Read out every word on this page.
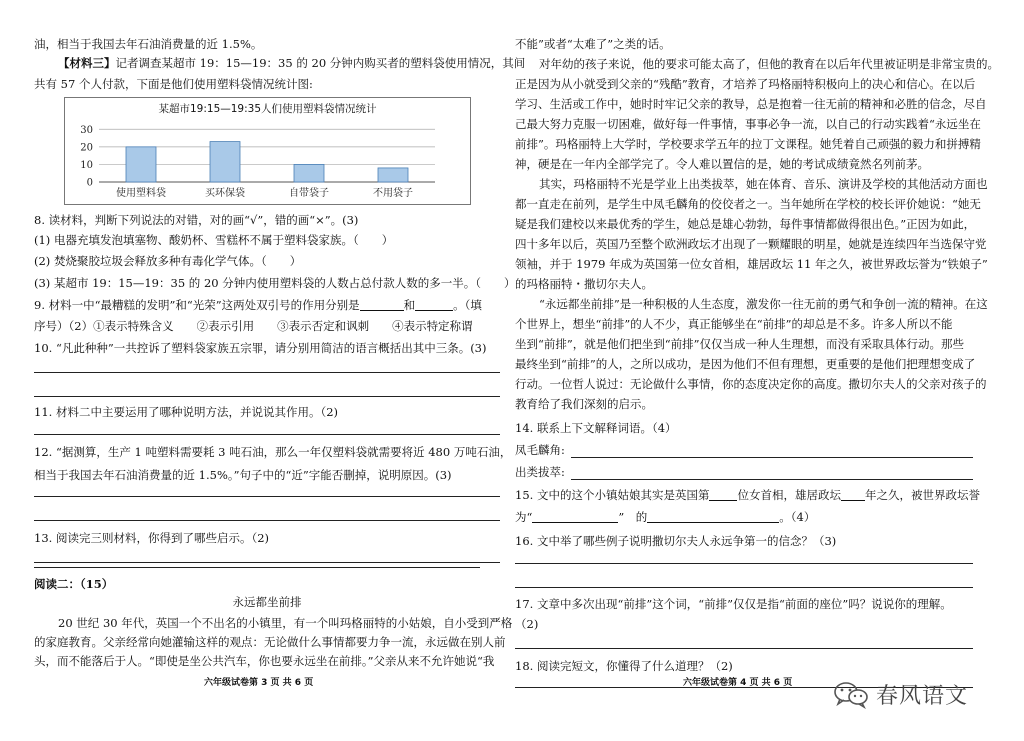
油，相当于我国去年石油消费量的近 1.5%。
【材料三】记者调查某超市 19：15—19：35 的 20 分钟内购买者的塑料袋使用情况，其间
共有 57 个人付款，下面是他们使用塑料袋情况统计图:
某超市19:15—19:35人们使用塑料袋情况统计
0
10
20
30
使用塑料袋	买环保袋	自带袋子	不用袋子
8. 读材料，判断下列说法的对错，对的画“√”，错的画“×”。(3)
(1) 电器充填发泡填塞物、酸奶杯、雪糕杯不属于塑料袋家族。（　　）
(2) 焚烧聚胶垃圾会释放多种有毒化学气体。（　　）
(3) 某超市 19：15—19：35 的 20 分钟内使用塑料袋的人数占总付款人数的多一半。（　　）
9. 材料一中“最糟糕的发明”和“光荣”这两处双引号的作用分别是	和	。（填
序号）（2）①表示特殊含义　　②表示引用　　③表示否定和讽刺　　④表示特定称谓
10. “凡此种种”一共控诉了塑料袋家族五宗罪，请分别用简洁的语言概括出其中三条。(3)
11. 材料二中主要运用了哪种说明方法，并说说其作用。（2)
12. “据测算，生产 1 吨塑料需要耗 3 吨石油，那么一年仅塑料袋就需要将近 480 万吨石油，
相当于我国去年石油消费量的近 1.5%。”句子中的“近”字能否删掉，说明原因。(3)
13. 阅读完三则材料，你得到了哪些启示。（2)
阅读二：（15）
永远都坐前排
20 世纪 30 年代，英国一个不出名的小镇里，有一个叫玛格丽特的小姑娘，自小受到严格
的家庭教育。父亲经常向她灌输这样的观点：无论做什么事情都要力争一流，永远做在别人前
头，而不能落后于人。“即使是坐公共汽车，你也要永远坐在前排。”父亲从来不允许她说“我
六年级试卷第 3 页 共 6 页
不能”或者“太难了”之类的话。
对年幼的孩子来说，他的要求可能太高了，但他的教育在以后年代里被证明是非常宝贵的。
正是因为从小就受到父亲的“残酷”教育，才培养了玛格丽特积极向上的决心和信心。在以后
学习、生活或工作中，她时时牢记父亲的教导，总是抱着一往无前的精神和必胜的信念，尽自
己最大努力克服一切困难，做好每一件事情，事事必争一流，以自己的行动实践着“永远坐在
前排”。玛格丽特上大学时，学校要求学五年的拉丁文课程。她凭着自己顽强的毅力和拼搏精
神，硬是在一年内全部学完了。令人难以置信的是，她的考试成绩竟然名列前茅。
其实，玛格丽特不光是学业上出类拔萃，她在体育、音乐、演讲及学校的其他活动方面也
都一直走在前列，是学生中凤毛麟角的佼佼者之一。当年她所在学校的校长评价她说：“她无
疑是我们建校以来最优秀的学生，她总是雄心勃勃，每件事情都做得很出色。”正因为如此，
四十多年以后，英国乃至整个欧洲政坛才出现了一颗耀眼的明星，她就是连续四年当选保守党
领袖，并于 1979 年成为英国第一位女首相，雄居政坛 11 年之久，被世界政坛誉为“铁娘子”
的玛格丽特・撒切尔夫人。
“永远都坐前排”是一种积极的人生态度，激发你一往无前的勇气和争创一流的精神。在这
个世界上，想坐“前排”的人不少，真正能够坐在“前排”的却总是不多。许多人所以不能
坐到“前排”，就是他们把坐到“前排”仅仅当成一种人生理想，而没有采取具体行动。那些
最终坐到“前排”的人，之所以成功，是因为他们不但有理想，更重要的是他们把理想变成了
行动。一位哲人说过：无论做什么事情，你的态度决定你的高度。撒切尔夫人的父亲对孩子的
教育给了我们深刻的启示。
14. 联系上下文解释词语。（4）
凤毛麟角:
出类拔萃:
15. 文中的这个小镇姑娘其实是英国第 位女首相，雄居政坛 年之久，被世界政坛誉
为“	”　的	。（4）
16. 文中举了哪些例子说明撒切尔夫人永远争第一的信念？（3)
17. 文章中多次出现“前排”这个词，“前排”仅仅是指“前面的座位”吗？说说你的理解。
（2)
18. 阅读完短文，你懂得了什么道理？（2)
六年级试卷第 4 页 共 6 页
春风语文
